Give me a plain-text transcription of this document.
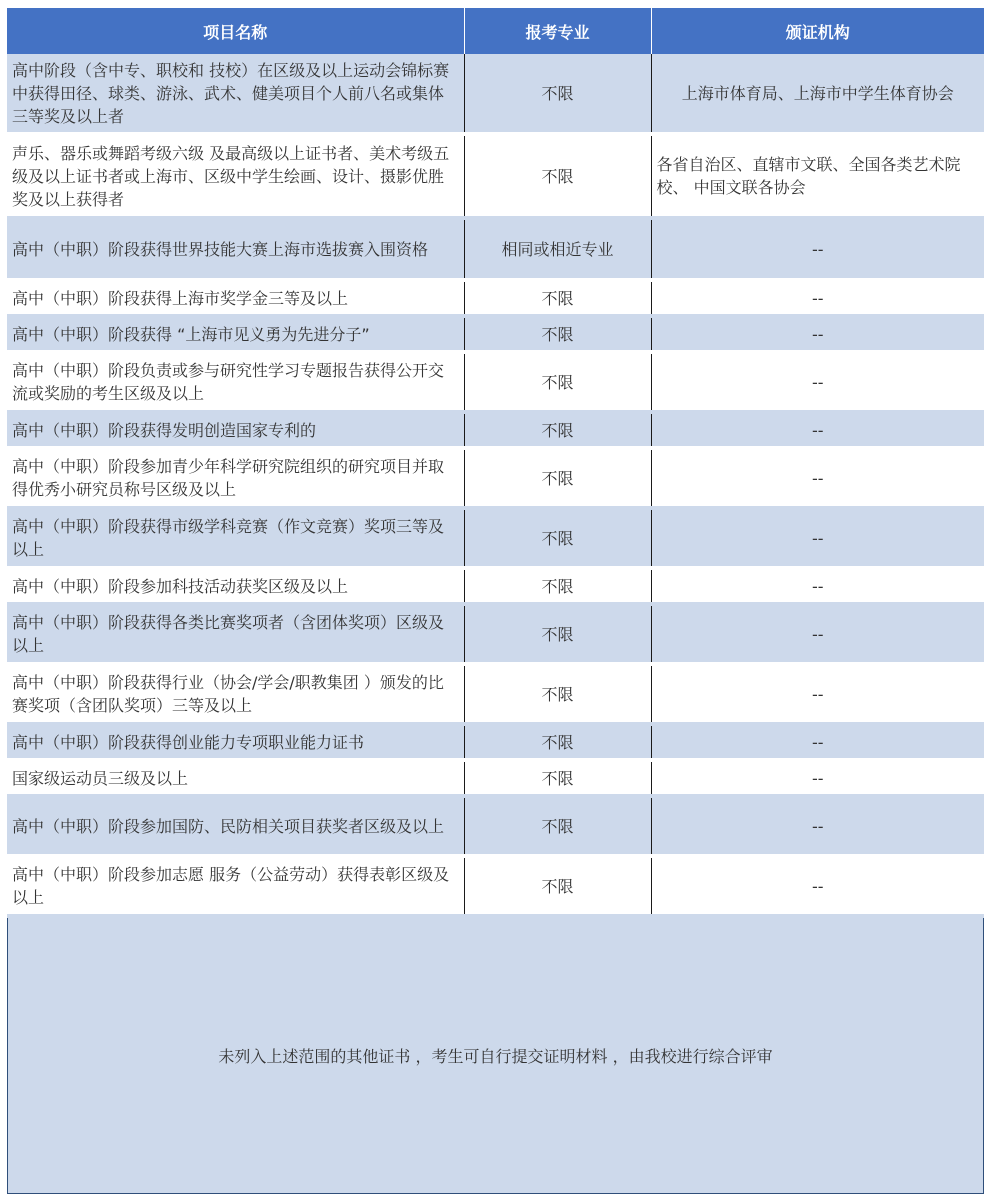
项目名称	报考专业	颁证机构
高中阶段（含中专、职校和 技校）在区级及以上运动会锦标赛中获得田径、球类、游泳、武术、健美项目个人前八名或集体三等奖及以上者	不限	上海市体育局、上海市中学生体育协会
声乐、器乐或舞蹈考级六级 及最高级以上证书者、美术考级五级及以上证书者或上海市、区级中学生绘画、设计、摄影优胜奖及以上获得者	不限	各省自治区、直辖市文联、全国各类艺术院校、 中国文联各协会
高中（中职）阶段获得世界技能大赛上海市选拔赛入围资格	相同或相近专业	--
高中（中职）阶段获得上海市奖学金三等及以上	不限	--
高中（中职）阶段获得 “上海市见义勇为先进分子”	不限	--
高中（中职）阶段负责或参与研究性学习专题报告获得公开交流或奖励的考生区级及以上	不限	--
高中（中职）阶段获得发明创造国家专利的	不限	--
高中（中职）阶段参加青少年科学研究院组织的研究项目并取得优秀小研究员称号区级及以上	不限	--
高中（中职）阶段获得市级学科竞赛（作文竞赛）奖项三等及以上	不限	--
高中（中职）阶段参加科技活动获奖区级及以上	不限	--
高中（中职）阶段获得各类比赛奖项者（含团体奖项）区级及以上	不限	--
高中（中职）阶段获得行业（协会/学会/职教集团 ）颁发的比赛奖项（含团队奖项）三等及以上	不限	--
高中（中职）阶段获得创业能力专项职业能力证书	不限	--
国家级运动员三级及以上	不限	--
高中（中职）阶段参加国防、民防相关项目获奖者区级及以上	不限	--
高中（中职）阶段参加志愿 服务（公益劳动）获得表彰区级及以上	不限	--
未列入上述范围的其他证书 ，考生可自行提交证明材料 ，由我校进行综合评审
